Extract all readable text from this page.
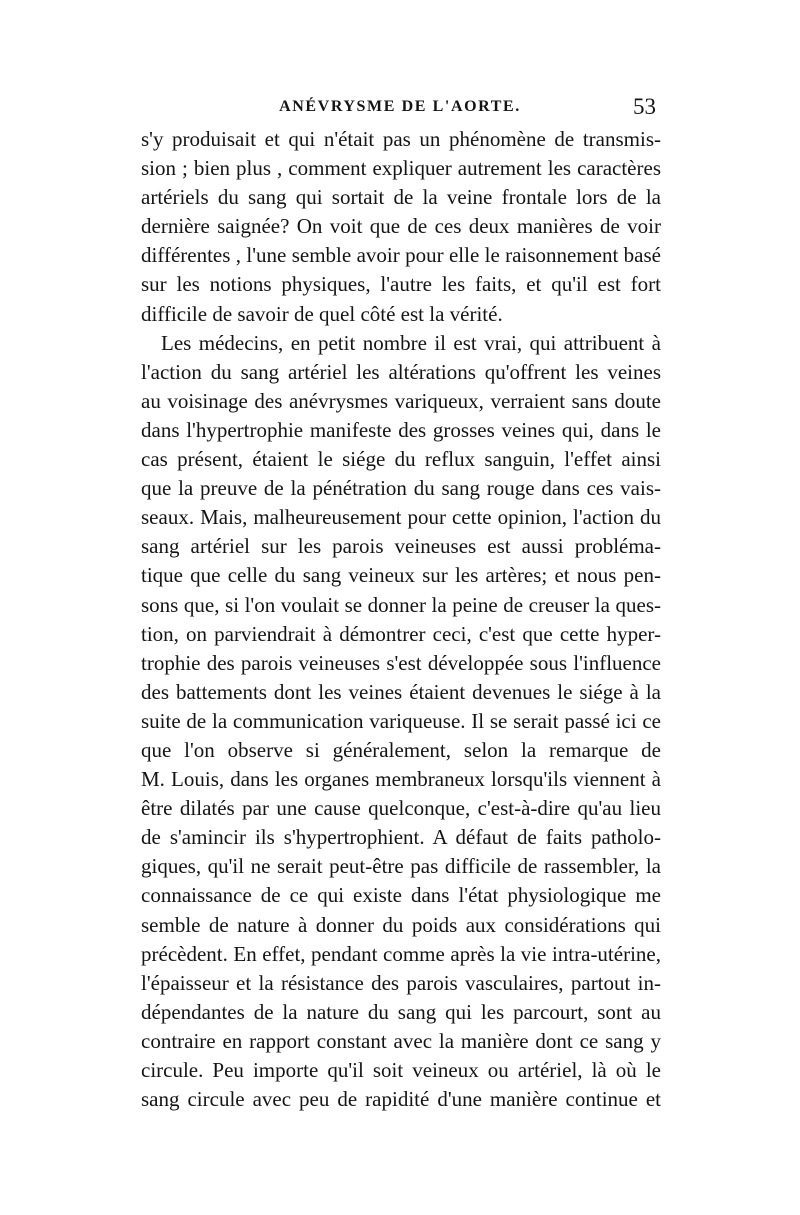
ANÉVRYSME DE L'AORTE.	53
s'y produisait et qui n'était pas un phénomène de transmis-
sion ; bien plus , comment expliquer autrement les caractères
artériels du sang qui sortait de la veine frontale lors de la
dernière saignée? On voit que de ces deux manières de voir
différentes , l'une semble avoir pour elle le raisonnement basé
sur les notions physiques, l'autre les faits, et qu'il est fort
difficile de savoir de quel côté est la vérité.
Les médecins, en petit nombre il est vrai, qui attribuent à
l'action du sang artériel les altérations qu'offrent les veines
au voisinage des anévrysmes variqueux, verraient sans doute
dans l'hypertrophie manifeste des grosses veines qui, dans le
cas présent, étaient le siége du reflux sanguin, l'effet ainsi
que la preuve de la pénétration du sang rouge dans ces vais-
seaux. Mais, malheureusement pour cette opinion, l'action du
sang artériel sur les parois veineuses est aussi probléma-
tique que celle du sang veineux sur les artères; et nous pen-
sons que, si l'on voulait se donner la peine de creuser la ques-
tion, on parviendrait à démontrer ceci, c'est que cette hyper-
trophie des parois veineuses s'est développée sous l'influence
des battements dont les veines étaient devenues le siége à la
suite de la communication variqueuse. Il se serait passé ici ce
que l'on observe si généralement, selon la remarque de
M. Louis, dans les organes membraneux lorsqu'ils viennent à
être dilatés par une cause quelconque, c'est-à-dire qu'au lieu
de s'amincir ils s'hypertrophient. A défaut de faits patholo-
giques, qu'il ne serait peut-être pas difficile de rassembler, la
connaissance de ce qui existe dans l'état physiologique me
semble de nature à donner du poids aux considérations qui
précèdent. En effet, pendant comme après la vie intra-utérine,
l'épaisseur et la résistance des parois vasculaires, partout in-
dépendantes de la nature du sang qui les parcourt, sont au
contraire en rapport constant avec la manière dont ce sang y
circule. Peu importe qu'il soit veineux ou artériel, là où le
sang circule avec peu de rapidité d'une manière continue et
